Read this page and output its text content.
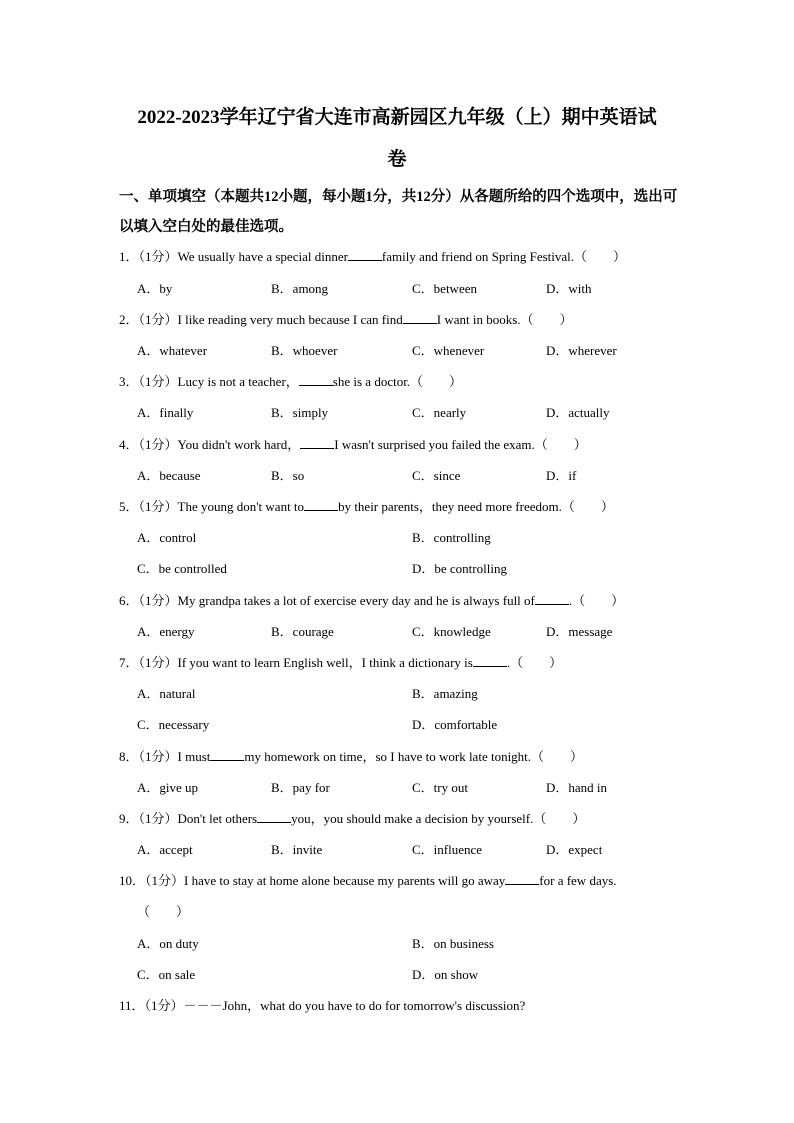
2022-2023学年辽宁省大连市高新园区九年级（上）期中英语试
卷
一、单项填空（本题共12小题，每小题1分，共12分）从各题所给的四个选项中，选出可以填入空白处的最佳选项。
1．（1分）We usually have a special dinner	family and friend on Spring Festival.（　　）
A．by	B．among	C．between	D．with
2．（1分）I like reading very much because I can find	I want in books.（　　）
A．whatever	B．whoever	C．whenever	D．wherever
3．（1分）Lucy is not a teacher，	she is a doctor.（　　）
A．finally	B．simply	C．nearly	D．actually
4．（1分）You didn't work hard，	I wasn't surprised you failed the exam.（　　）
A．because	B．so	C．since	D．if
5．（1分）The young don't want to	by their parents，they need more freedom.（　　）
A．control	B．controlling
C．be controlled	D．be controlling
6．（1分）My grandpa takes a lot of exercise every day and he is always full of	.（　　）
A．energy	B．courage	C．knowledge	D．message
7．（1分）If you want to learn English well，I think a dictionary is	.（　　）
A．natural	B．amazing
C．necessary	D．comfortable
8．（1分）I must	my homework on time，so I have to work late tonight.（　　）
A．give up	B．pay for	C．try out	D．hand in
9．（1分）Don't let others	you，you should make a decision by yourself.（　　）
A．accept	B．invite	C．influence	D．expect
10．（1分）I have to stay at home alone because my parents will go away	for a few days.
（　　）
A．on duty	B．on business
C．on sale	D．on show
11．（1分）－－－John，what do you have to do for tomorrow's discussion?
